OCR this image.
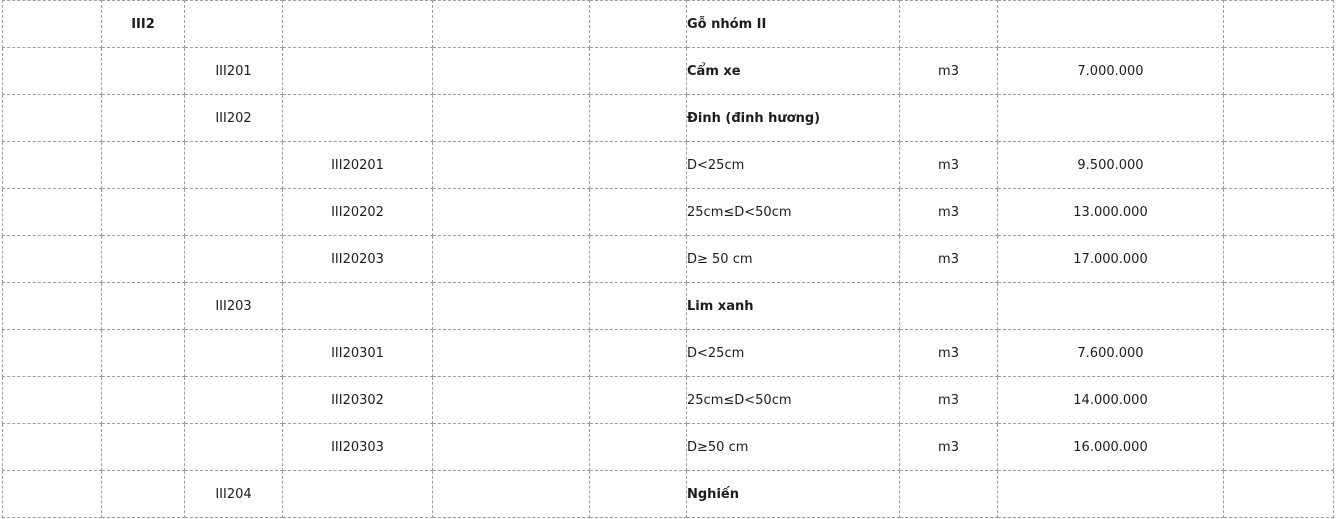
	III2					Gỗ nhóm II			
		III201				Cẩm xe	m3	7.000.000	
		III202				Đinh (đinh hương)			
			III20201			D<25cm	m3	9.500.000	
			III20202			25cm≤D<50cm	m3	13.000.000	
			III20203			D≥ 50 cm	m3	17.000.000	
		III203				Lim xanh			
			III20301			D<25cm	m3	7.600.000	
			III20302			25cm≤D<50cm	m3	14.000.000	
			III20303			D≥50 cm	m3	16.000.000	
		III204				Nghiến			
